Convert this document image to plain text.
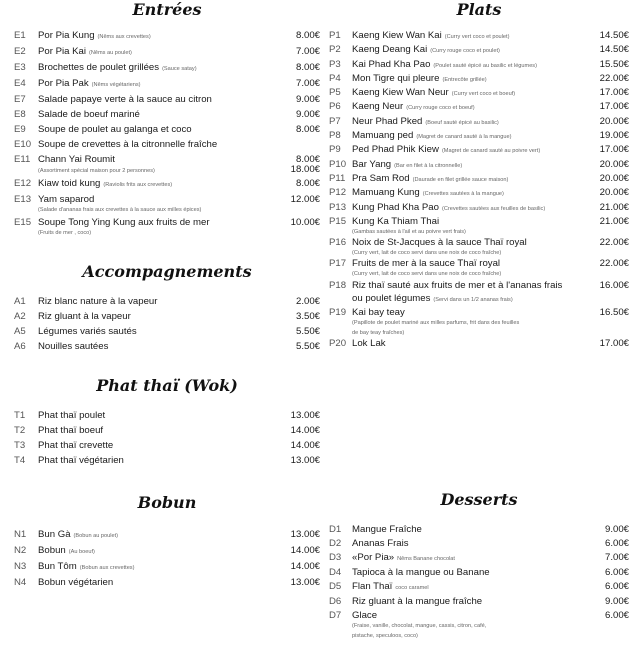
Entrées
E1	Por Pia Kung (Nêms aux crevettes)	8.00€
E2	Por Pia Kai (Nêms au poulet)	7.00€
E3	Brochettes de poulet grillées (Sauce satay)	8.00€
E4	Por Pia Pak (Nêms végétariens)	7.00€
E7	Salade papaye verte à la sauce au citron	9.00€
E8	Salade de boeuf mariné	9.00€
E9	Soupe de poulet au galanga et coco	8.00€
E10 Soupe de crevettes à la citronnelle fraîche
E11 Chann Yai Roumit	8.00€
(Assortiment spécial maison pour 2 personnes)	18.00€
E12 Kiaw toid kung (Raviolis frits aux crevettes)	8.00€
E13 Yam saparod	12.00€
(Salade d'ananas frais aux crevettes à la sauce aux milles épices)
E15 Soupe Tong Ying Kung aux fruits de mer	10.00€
(Fruits de mer , coco)
Accompagnements
A1	Riz blanc nature à la vapeur	2.00€
A2	Riz gluant à la vapeur	3.50€
A5	Légumes variés sautés	5.50€
A6	Nouilles sautées	5.50€
Phat thaï (Wok)
T1	Phat thaï poulet	13.00€
T2	Phat thaï boeuf	14.00€
T3	Phat thaï crevette	14.00€
T4	Phat thaï végétarien	13.00€
Bobun
N1	Bun Gà (Bobun au poulet)	13.00€
N2	Bobun (Au boeuf)	14.00€
N3	Bun Tôm (Bobun aux crevettes)	14.00€
N4	Bobun végétarien	13.00€
Plats
P1	Kaeng Kiew Wan Kai (Curry vert coco et poulet)	14.50€
P2	Kaeng Deang Kai (Curry rouge coco et poulet)	14.50€
P3	Kai Phad Kha Pao (Poulet sauté épicé au basilic et légumes)	15.50€
P4	Mon Tigre qui pleure (Entrecôte grillée)	22.00€
P5	Kaeng Kiew Wan Neur (Curry vert coco et boeuf)	17.00€
P6	Kaeng Neur (Curry rouge coco et boeuf)	17.00€
P7	Neur Phad Pked (Boeuf sauté épicé au basilic)	20.00€
P8	Mamuang ped (Magret de canard sauté à la mangue)	19.00€
P9	Ped Phad Phik Kiew (Magret de canard sauté au poivre vert)	17.00€
P10 Bar Yang (Bar en filet à la citronnelle)	20.00€
P11 Pra Sam Rod (Daurade en filet grillée sauce maison)	20.00€
P12 Mamuang Kung (Crevettes sautées à la mangue)	20.00€
P13 Kung Phad Kha Pao (Crevettes sautées aux feuilles de basilic)	21.00€
P15 Kung Ka Thiam Thai	21.00€
(Gambas sautées à l'ail et au poivre vert frais)
P16 Noix de St-Jacques à la sauce Thaï royal	22.00€
(Curry vert, lait de coco servi dans une noix de coco fraîche)
P17 Fruits de mer à la sauce Thaï royal	22.00€
(Curry vert, lait de coco servi dans une noix de coco fraîche)
P18 Riz thaï sauté aux fruits de mer et à l'ananas frais	16.00€
ou poulet légumes (Servi dans un 1/2 ananas frais)
P19 Kai bay teay	16.50€
(Papillote de poulet mariné aux milles parfums, frit dans des feuilles
de bay teay fraîches)
P20 Lok Lak	17.00€
Desserts
D1	Mangue Fraîche	9.00€
D2	Ananas Frais	6.00€
D3	«Por Pia» Nêms Banane chocolat	7.00€
D4	Tapioca à la mangue ou Banane	6.00€
D5	Flan Thaï coco caramel	6.00€
D6	Riz gluant à la mangue fraîche	9.00€
D7	Glace	6.00€
(Fraise, vanille, chocolat, mangue, cassis, citron, café,
pistache, speculoos, coco)
